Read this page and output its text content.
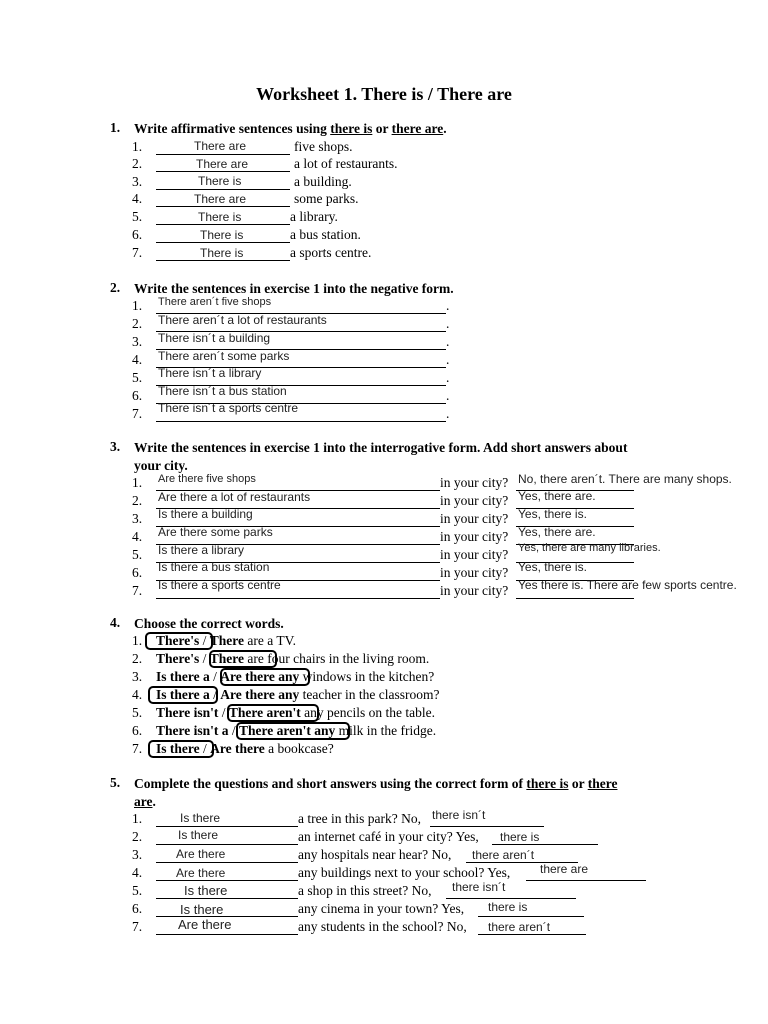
Worksheet 1. There is / There are
1. Write affirmative sentences using there is or there are.
1.	There are	five shops.
2.	There are	a lot of restaurants.
3.	There is	a building.
4.	There are	some parks.
5.	There is	a library.
6.	There is	a bus station.
7.	There is	a sports centre.
2. Write the sentences in exercise 1 into the negative form.
1. There aren´t five shops	.
2. There aren´t a lot of restaurants	.
3. There isn´t a building	.
4. There aren´t some parks	.
5. There isn´t a library	.
6. There isn´t a bus station	.
7. There isn´t a sports centre	.
3. Write the sentences in exercise 1 into the interrogative form. Add short answers about
your city.
1. Are there five shops	in your city? No, there aren´t. There are many shops.
2. Are there a lot of restaurants	in your city? Yes, there are.
3. Is there a building	in your city? Yes, there is.
4. Are there some parks	in your city? Yes, there are.
5. Is there a library	in your city? Yes, there are many libraries.
6. Is there a bus station	in your city? Yes, there is.
7. Is there a sports centre	in your city? Yes there is. There are few sports centre.
4. Choose the correct words.
1. There's / There are a TV.
2. There's / There are four chairs in the living room.
3. Is there a / Are there any windows in the kitchen?
4. Is there a / Are there any teacher in the classroom?
5. There isn't / There aren't any pencils on the table.
6. There isn't a / There aren't any milk in the fridge.
7. Is there / Are there a bookcase?
5. Complete the questions and short answers using the correct form of there is or there
are.
1.	Is there	a tree in this park? No, there isn´t
2.	Is there	an internet café in your city? Yes, there is
3.	Are there	any hospitals near hear? No, there aren´t
4.	Are there	any buildings next to your school? Yes, there are
5.	Is there	a shop in this street? No, there isn´t
6.	Is there	any cinema in your town? Yes, there is
7.	Are there	any students in the school? No, there aren´t
